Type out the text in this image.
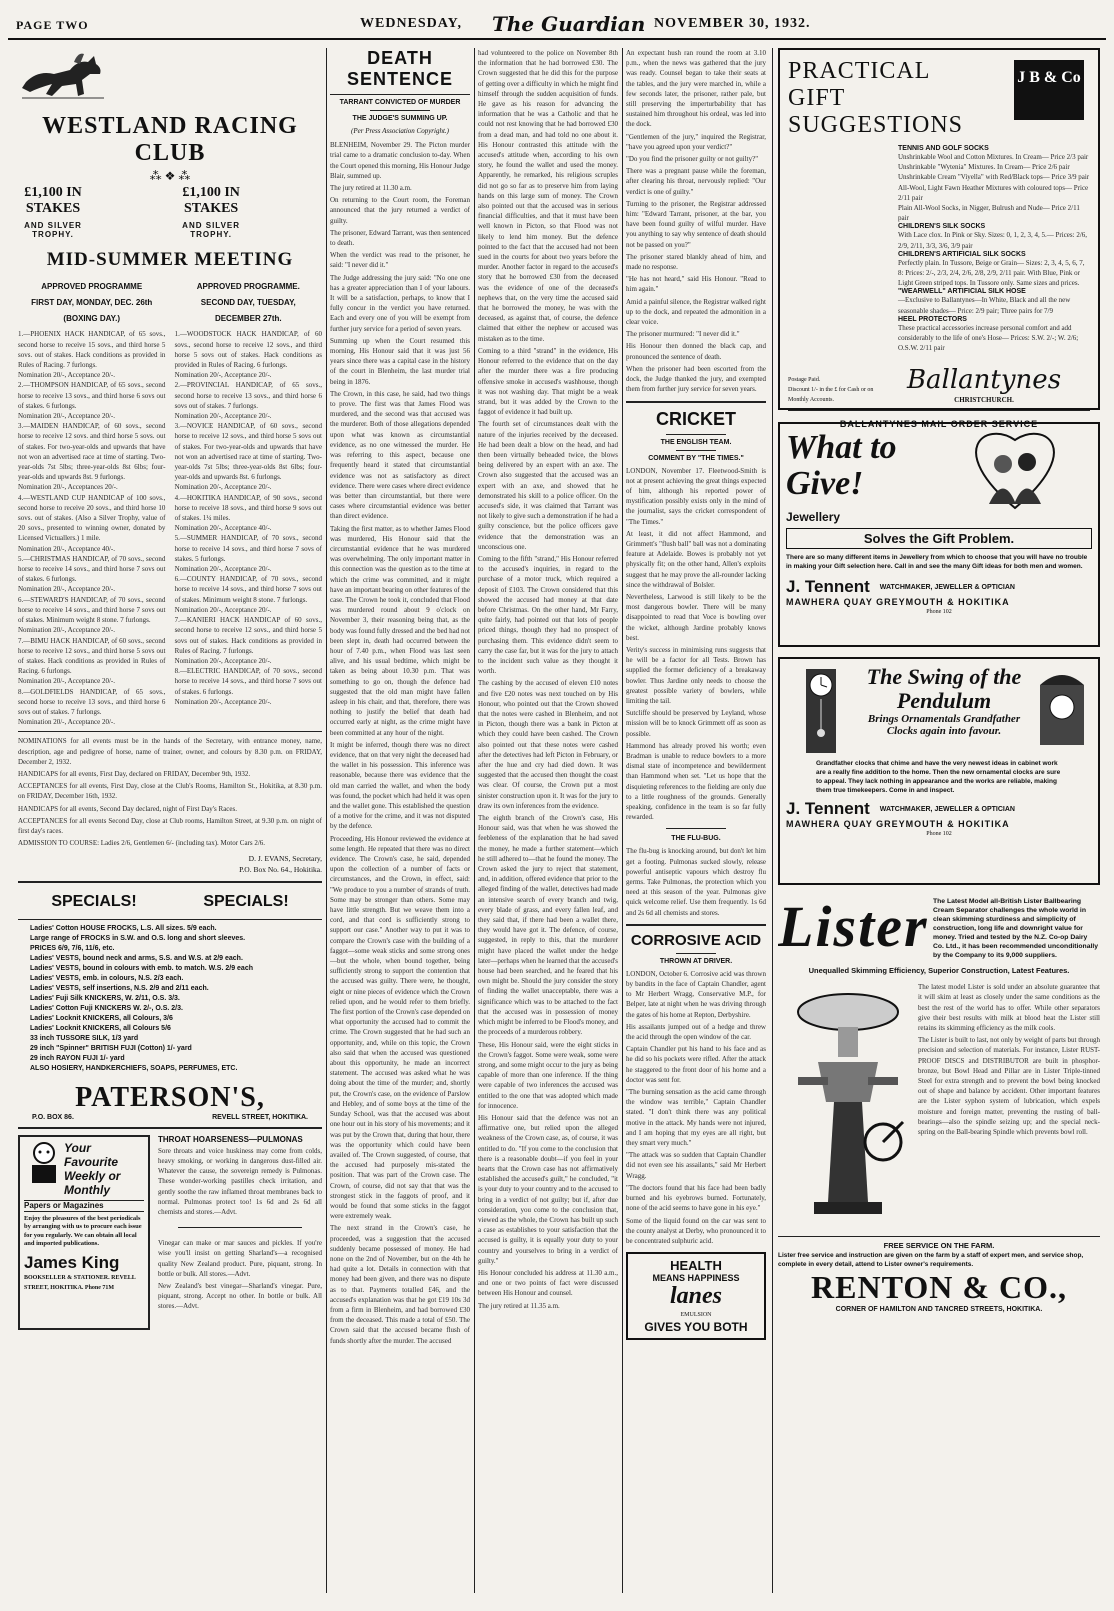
PAGE TWO	WEDNESDAY, The Guardian NOVEMBER 30, 1932.
WESTLAND RACING CLUB
⁂ ❖ ⁂
£1,100 IN STAKES
AND SILVER TROPHY.
£1,100 IN STAKES
AND SILVER TROPHY.
MID-SUMMER MEETING
APPROVED PROGRAMME
FIRST DAY, MONDAY, DEC. 26th
(BOXING DAY.)
1.—PHOENIX HACK HANDICAP, of 65 sovs., second horse to receive 15 sovs., and third horse 5 sovs. out of stakes. Hack conditions as provided in Rules of Racing. 7 furlongs.
Nomination 20/-, Acceptance 20/-.
2.—THOMPSON HANDICAP, of 65 sovs., second horse to receive 13 sovs., and third horse 6 sovs out of stakes. 6 furlongs.
Nomination 20/-, Acceptance 20/-.
3.—MAIDEN HANDICAP, of 60 sovs., second horse to receive 12 sovs. and third horse 5 sovs. out of stakes. For two-year-olds and upwards that have not won an advertised race at time of starting. Two-year-olds 7st 5lbs; three-year-olds 8st 6lbs; four-year-olds and upwards 8st. 9 furlongs.
Nomination 20/-, Acceptances 20/-.
4.—WESTLAND CUP HANDICAP of 100 sovs., second horse to receive 20 sovs., and third horse 10 sovs. out of stakes. (Also a Silver Trophy, value of 20 sovs., presented to winning owner, donated by Licensed Victuallers.) 1 mile.
Nomination 20/-, Acceptance 40/-.
5.—CHRISTMAS HANDICAP, of 70 sovs., second horse to receive 14 sovs., and third horse 7 sovs out of stakes. 6 furlongs.
Nomination 20/-, Acceptance 20/-.
6.—STEWARD'S HANDICAP, of 70 sovs., second horse to receive 14 sovs., and third horse 7 sovs out of stakes. Minimum weight 8 stone. 7 furlongs.
Nomination 20/-, Acceptance 20/-.
7.—BIMU HACK HANDICAP, of 60 sovs., second horse to receive 12 sovs., and third horse 5 sovs out of stakes. Hack conditions as provided in Rules of Racing. 6 furlongs.
Nomination 20/-, Acceptance 20/-.
8.—GOLDFIELDS HANDICAP, of 65 sovs., second horse to receive 13 sovs., and third horse 6 sovs out of stakes. 7 furlongs.
Nomination 20/-, Acceptance 20/-.
APPROVED PROGRAMME.
SECOND DAY, TUESDAY,
DECEMBER 27th.
1.—WOODSTOCK HACK HANDICAP, of 60 sovs., second horse to receive 12 sovs., and third horse 5 sovs out of stakes. Hack conditions as provided in Rules of Racing. 6 furlongs.
Nomination 20/-, Acceptance 20/-.
2.—PROVINCIAL HANDICAP, of 65 sovs., second horse to receive 13 sovs., and third horse 6 sovs out of stakes. 7 furlongs.
Nomination 20/-, Acceptance 20/-.
3.—NOVICE HANDICAP, of 60 sovs., second horse to receive 12 sovs., and third horse 5 sovs out of stakes. For two-year-olds and upwards that have not won an advertised race at time of starting. Two-year-olds 7st 5lbs; three-year-olds 8st 6lbs; four-year-olds and upwards 8st. 6 furlongs.
Nomination 20/-, Acceptance 20/-.
4.—HOKITIKA HANDICAP, of 90 sovs., second horse to receive 18 sovs., and third horse 9 sovs out of stakes. 1¼ miles.
Nomination 20/-, Acceptance 40/-.
5.—SUMMER HANDICAP, of 70 sovs., second horse to receive 14 sovs., and third horse 7 sovs of stakes. 5 furlongs.
Nomination 20/-, Acceptance 20/-.
6.—COUNTY HANDICAP, of 70 sovs., second horse to receive 14 sovs., and third horse 7 sovs out of stakes. Minimum weight 8 stone. 7 furlongs.
Nomination 20/-, Acceptance 20/-.
7.—KANIERI HACK HANDICAP of 60 sovs., second horse to receive 12 sovs., and third horse 5 sovs out of stakes. Hack conditions as provided in Rules of Racing. 7 furlongs.
Nomination 20/-, Acceptance 20/-.
8.—ELECTRIC HANDICAP, of 70 sovs., second horse to receive 14 sovs., and third horse 7 sovs out of stakes. 6 furlongs.
Nomination 20/-, Acceptance 20/-.
NOMINATIONS for all events must be in the hands of the Secretary, with entrance money, name, description, age and pedigree of horse, name of trainer, owner, and colours by 8.30 p.m. on FRIDAY, December 2, 1932.
HANDICAPS for all events, First Day, declared on FRIDAY, December 9th, 1932.
ACCEPTANCES for all events, First Day, close at the Club's Rooms, Hamilton St., Hokitika, at 8.30 p.m. on FRIDAY, December 16th, 1932.
HANDICAPS for all events, Second Day declared, night of First Day's Races.
ACCEPTANCES for all events Second Day, close at Club rooms, Hamilton Street, at 9.30 p.m. on night of first day's races.
ADMISSION TO COURSE: Ladies 2/6, Gentlemen 6/- (including tax). Motor Cars 2/6.
D. J. EVANS, Secretary,
P.O. Box No. 64., Hokitika.
SPECIALS!	SPECIALS!
Ladies' Cotton HOUSE FROCKS, L.S. All sizes. 5/9 each.
Large range of FROCKS in S.W. and O.S. long and short sleeves.
PRICES 6/9, 7/6, 11/6, etc.
Ladies' VESTS, bound neck and arms, S.S. and W.S. at 2/9 each.
Ladies' VESTS, bound in colours with emb. to match. W.S. 2/9 each
Ladies' VESTS, emb. in colours, N.S. 2/3 each.
Ladies' VESTS, self insertions, N.S. 2/9 and 2/11 each.
Ladies' Fuji Silk KNICKERS, W. 2/11, O.S. 3/3.
Ladies' Cotton Fuji KNICKERS W. 2/-, O.S. 2/3.
Ladies' Locknit KNICKERS, all Colours, 3/6
Ladies' Locknit KNICKERS, all Colours 5/6
33 inch TUSSORE SILK, 1/3 yard
29 inch "Spinner" BRITISH FUJI (Cotton) 1/- yard
29 inch RAYON FUJI 1/- yard
ALSO HOSIERY, HANDKERCHIEFS, SOAPS, PERFUMES, ETC.
PATERSON'S,
P.O. BOX 86.	REVELL STREET, HOKITIKA.
Your
Favourite
Weekly or
Monthly
Papers or Magazines
Enjoy the pleasures of the best periodicals by arranging with us to procure each issue for you regularly. We can obtain all local and imported publications.
James King
BOOKSELLER & STATIONER. REVELL STREET, HOKITIKA. Phone 71M
THROAT HOARSENESS—PULMONAS
Sore throats and voice huskiness may come from colds, heavy smoking, or working in dangerous dust-filled air. Whatever the cause, the sovereign remedy is Pulmonas. These wonder-working pastilles check irritation, and gently soothe the raw inflamed throat membranes back to normal. Pulmonas protect too! 1s 6d and 2s 6d all chemists and stores.—Advt.
Vinegar can make or mar sauces and pickles. If you're wise you'll insist on getting Sharland's—a recognised quality New Zealand product. Pure, piquant, strong. In bottle or bulk. All stores.—Advt.
New Zealand's best vinegar—Sharland's vinegar. Pure, piquant, strong. Accept no other. In bottle or bulk. All stores.—Advt.
DEATH SENTENCE
TARRANT CONVICTED OF MURDER
THE JUDGE'S SUMMING UP.
(Per Press Association Copyright.)
BLENHEIM, November 29. The Picton murder trial came to a dramatic conclusion to-day. When the Court opened this morning, His Honour Judge Blair, summed up.
The jury retired at 11.30 a.m.
On returning to the Court room, the Foreman announced that the jury returned a verdict of guilty.
The prisoner, Edward Tarrant, was then sentenced to death.
When the verdict was read to the prisoner, he said: "I never did it."
The Judge addressing the jury said: "No one one has a greater appreciation than I of your labours. It will be a satisfaction, perhaps, to know that I fully concur in the verdict you have returned. Each and every one of you will be exempt from further jury service for a period of seven years.
Summing up when the Court resumed this morning, His Honour said that it was just 56 years since there was a capital case in the history of the court in Blenheim, the last murder trial being in 1876.
The Crown, in this case, he said, had two things to prove. The first was that James Flood was murdered, and the second was that accused was the murderer. Both of those allegations depended upon what was known as circumstantial evidence, as no one witnessed the murder. He was referring to this aspect, because one frequently heard it stated that circumstantial evidence was not as satisfactory as direct evidence. There were cases where direct evidence was better than circumstantial, but there were cases where circumstantial evidence was better than direct evidence.
Taking the first matter, as to whether James Flood was murdered, His Honour said that the circumstantial evidence that he was murdered was overwhelming. The only important matter in this connection was the question as to the time at which the crime was committed, and it might have an important bearing on other features of the case. The Crown he took it, concluded that Flood was murdered round about 9 o'clock on November 3, their reasoning being that, as the body was found fully dressed and the bed had not been slept in, death had occurred between the hour of 7.40 p.m., when Flood was last seen alive, and his usual bedtime, which might be taken as being about 10.30 p.m. That was something to go on, though the defence had suggested that the old man might have fallen asleep in his chair, and that, therefore, there was nothing to justify the belief that death had occurred early at night, as the crime might have been committed at any hour of the night.
It might be inferred, though there was no direct evidence, that on that very night the deceased had the wallet in his possession. This inference was reasonable, because there was evidence that the old man carried the wallet, and when the body was found, the pocket which had held it was open and the wallet gone. This established the question of a motive for the crime, and it was not disputed by the defence.
Proceeding, His Honour reviewed the evidence at some length. He repeated that there was no direct evidence. The Crown's case, he said, depended upon the collection of a number of facts or circumstances, and the Crown, in effect, said: "We produce to you a number of strands of truth. Some may be stronger than others. Some may have little strength. But we weave them into a cord, and that cord is sufficiently strong to support our case." Another way to put it was to compare the Crown's case with the building of a faggot—some weak sticks and some strong ones—but the whole, when bound together, being sufficiently strong to support the contention that the accused was guilty. There were, he thought, eight or nine pieces of evidence which the Crown relied upon, and he would refer to them briefly. The first portion of the Crown's case depended on what opportunity the accused had to commit the crime. The Crown suggested that he had such an opportunity, and, while on this topic, the Crown also said that when the accused was questioned about this opportunity, he made an incorrect statement. The accused was asked what he was doing about the time of the murder; and, shortly put, the Crown's case, on the evidence of Parslow and Hebley, and of some boys at the time of the Sunday School, was that the accused was about one hour out in his story of his movements; and it was put by the Crown that, during that hour, there was the opportunity which could have been availed of. The Crown suggested, of course, that the accused had purposely mis-stated the position. That was part of the Crown case. The Crown, of course, did not say that that was the strongest stick in the faggots of proof, and it would be found that some sticks in the faggot were extremely weak.
The next strand in the Crown's case, he proceeded, was a suggestion that the accused suddenly became possessed of money. He had none on the 2nd of November, but on the 4th he had quite a lot. Details in connection with that money had been given, and there was no dispute as to that. Payments totalled £46, and the accused's explanation was that he got £19 10s 3d from a firm in Blenheim, and had borrowed £30 from the deceased. This made a total of £50. The Crown said that the accused became flush of funds shortly after the murder. The accused
had volunteered to the police on November 8th the information that he had borrowed £30. The Crown suggested that he did this for the purpose of getting over a difficulty in which he might find himself through the sudden acquisition of funds. He gave as his reason for advancing the information that he was a Catholic and that he could not rest knowing that he had borrowed £30 from a dead man, and had told no one about it. His Honour contrasted this attitude with the accused's attitude when, according to his own story, he found the wallet and used the money. Apparently, he remarked, his religious scruples did not go so far as to preserve him from laying hands on this large sum of money. The Crown also pointed out that the accused was in serious financial difficulties, and that it must have been well known in Picton, so that Flood was not likely to lend him money. But the defence pointed to the fact that the accused had not been sued in the courts for about two years before the murder. Another factor in regard to the accused's story that he borrowed £30 from the deceased was the evidence of one of the deceased's nephews that, on the very time the accused said that he borrowed the money, he was with the deceased, as against that, of course, the defence claimed that either the nephew or accused was mistaken as to the time.
Coming to a third "strand" in the evidence, His Honour referred to the evidence that on the day after the murder there was a fire producing offensive smoke in accused's washhouse, though it was not washing day. That might be a weak strand, but it was added by the Crown to the faggot of evidence it had built up.
The fourth set of circumstances dealt with the nature of the injuries received by the deceased. He had been dealt a blow on the head, and had then been virtually beheaded twice, the blows being delivered by an expert with an axe. The Crown also suggested that the accused was an expert with an axe, and showed that he demonstrated his skill to a police officer. On the accused's side, it was claimed that Tarrant was not likely to give such a demonstration if he had a guilty conscience, but the police officers gave evidence that the demonstration was an unconscious one.
Coming to the fifth "strand," His Honour referred to the accused's inquiries, in regard to the purchase of a motor truck, which required a deposit of £103. The Crown considered that this showed the accused had money at that date before Christmas. On the other hand, Mr Farry, quite fairly, had pointed out that lots of people priced things, though they had no prospect of purchasing them. This evidence didn't seem to carry the case far, but it was for the jury to attach to the incident such value as they thought it worth.
The cashing by the accused of eleven £10 notes and five £20 notes was next touched on by His Honour, who pointed out that the Crown showed that the notes were cashed in Blenheim, and not in Picton, though there was a bank in Picton at which they could have been cashed. The Crown also pointed out that these notes were cashed after the detectives had left Picton in February, or after the hue and cry had died down. It was suggested that the accused then thought the coast was clear. Of course, the Crown put a most sinister construction upon it. It was for the jury to draw its own inferences from the evidence.
The eighth branch of the Crown's case, His Honour said, was that when he was showed the feebleness of the explanation that he had saved the money, he made a further statement—which he still adhered to—that he found the money. The Crown asked the jury to reject that statement, and, in addition, offered evidence that prior to the alleged finding of the wallet, detectives had made an intensive search of every branch and twig, every blade of grass, and every fallen leaf, and they said that, if there had been a wallet there, they would have got it. The defence, of course, suggested, in reply to this, that the murderer might have placed the wallet under the hedge later—perhaps when he learned that the accused's house had been searched, and he feared that his own might be. Should the jury consider the story of finding the wallet unacceptable, there was a significance which was to be attached to the fact that the accused was in possession of money which might be inferred to be Flood's money, and the proceeds of a murderous robbery.
These, His Honour said, were the eight sticks in the Crown's faggot. Some were weak, some were strong, and some might occur to the jury as being capable of more than one inference. If the thing were capable of two inferences the accused was entitled to the one that was adopted which made for innocence.
His Honour said that the defence was not an affirmative one, but relied upon the alleged weakness of the Crown case, as, of course, it was entitled to do. "If you come to the conclusion that there is a reasonable doubt—if you feel in your hearts that the Crown case has not affirmatively established the accused's guilt," he concluded, "it is your duty to your country and to the accused to bring in a verdict of not guilty; but if, after due consideration, you come to the conclusion that, viewed as the whole, the Crown has built up such a case as establishes to your satisfaction that the accused is guilty, it is equally your duty to your country and yourselves to bring in a verdict of guilty."
His Honour concluded his address at 11.30 a.m., and one or two points of fact were discussed between His Honour and counsel.
The jury retired at 11.35 a.m.
An expectant hush ran round the room at 3.10 p.m., when the news was gathered that the jury was ready. Counsel began to take their seats at the tables, and the jury were marched in, while a few seconds later, the prisoner, rather pale, but still preserving the imperturbability that has sustained him throughout his ordeal, was led into the dock.
"Gentlemen of the jury," inquired the Registrar, "have you agreed upon your verdict?"
"Do you find the prisoner guilty or not guilty?"
There was a pregnant pause while the foreman, after clearing his throat, nervously replied: "Our verdict is one of guilty."
Turning to the prisoner, the Registrar addressed him: "Edward Tarrant, prisoner, at the bar, you have been found guilty of wilful murder. Have you anything to say why sentence of death should not be passed on you?"
The prisoner stared blankly ahead of him, and made no response.
"He has not heard," said His Honour. "Read to him again."
Amid a painful silence, the Registrar walked right up to the dock, and repeated the admonition in a clear voice.
The prisoner murmured: "I never did it."
His Honour then donned the black cap, and pronounced the sentence of death.
When the prisoner had been escorted from the dock, the Judge thanked the jury, and exempted them from further jury service for seven years.
CRICKET
THE ENGLISH TEAM.
COMMENT BY "THE TIMES."
LONDON, November 17. Fleetwood-Smith is not at present achieving the great things expected of him, although his reported power of mystification possibly exists only in the mind of the journalist, says the cricket correspondent of "The Times."
At least, it did not affect Hammond, and Grimmett's "flush ball" ball was not a dominating feature at Adelaide. Bowes is probably not yet physically fit; on the other hand, Allen's exploits suggest that he may prove the all-rounder lacking since the withdrawal of Bolsler.
Nevertheless, Larwood is still likely to be the most dangerous bowler. There will be many disappointed to read that Voce is bowling over the wicket, although Jardine probably knows best.
Verity's success in minimising runs suggests that he will be a factor for all Tests. Brown has supplied the former deficiency of a breakaway bowler. Thus Jardine only needs to choose the greatest possible variety of bowlers, while limiting the tail.
Sutcliffe should be preserved by Leyland, whose mission will be to knock Grimmett off as soon as possible.
Hammond has already proved his worth; even Bradman is unable to reduce bowlers to a more dismal state of incompetence and bewilderment than Hammond when set. "Let us hope that the disquieting references to the fielding are only due to a little roughness of the grounds. Generally speaking, confidence in the team is so far fully rewarded.
THE FLU-BUG.
The flu-bug is knocking around, but don't let him get a footing. Pulmonas sucked slowly, release powerful antiseptic vapours which destroy flu germs. Take Pulmonas, the protection which you need at this season of the year. Pulmonas give quick welcome relief. Use them frequently. 1s 6d and 2s 6d all chemists and stores.
CORROSIVE ACID
THROWN AT DRIVER.
LONDON, October 6. Corrosive acid was thrown by bandits in the face of Captain Chandler, agent to Mr Herbert Wragg, Conservative M.P., for Belper, late at night when he was driving through the gates of his home at Repton, Derbyshire.
His assailants jumped out of a hedge and threw the acid through the open window of the car.
Captain Chandler put his hand to his face and as he did so his pockets were rifled. After the attack he staggered to the front door of his home and a doctor was sent for.
"The burning sensation as the acid came through the window was terrible," Captain Chandler stated. "I don't think there was any political motive in the attack. My hands were not injured, and I am hoping that my eyes are all right, but they smart very much."
"The attack was so sudden that Captain Chandler did not even see his assailants," said Mr Herbert Wragg.
"The doctors found that his face had been badly burned and his eyebrows burned. Fortunately, none of the acid seems to have gone in his eye."
Some of the liquid found on the car was sent to the county analyst at Derby, who pronounced it to be concentrated sulphuric acid.
HEALTH
MEANS HAPPINESS
lanes
EMULSION
GIVES YOU BOTH
PRACTICAL
GIFT
SUGGESTIONS
J B & Co
TENNIS AND GOLF SOCKS
Unshrinkable Wool and Cotton Mixtures. In Cream— Price 2/3 pair
Unshrinkable "Wytenia" Mixtures. In Cream— Price 2/6 pair
Unshrinkable Cream "Viyella" with Red/Black tops— Price 3/9 pair
All-Wool, Light Fawn Heather Mixtures with coloured tops— Price 2/11 pair
Plain All-Wool Socks, in Nigger, Bulrush and Nude— Price 2/11 pair
CHILDREN'S SILK SOCKS
With Lace clox. In Pink or Sky. Sizes: 0, 1, 2, 3, 4, 5.— Prices: 2/6, 2/9, 2/11, 3/3, 3/6, 3/9 pair
CHILDREN'S ARTIFICIAL SILK SOCKS
Perfectly plain. In Tussore, Beige or Grain— Sizes: 2, 3, 4, 5, 6, 7, 8: Prices: 2/-, 2/3, 2/4, 2/6, 2/8, 2/9, 2/11 pair. With Blue, Pink or Light Green striped tops. In Tussore only. Same sizes and prices.
"WEARWELL" ARTIFICIAL SILK HOSE
—Exclusive to Ballantynes—In White, Black and all the new seasonable shades— Price: 2/9 pair; Three pairs for 7/9
HEEL PROTECTORS
These practical accessories increase personal comfort and add considerably to the life of one's Hose— Prices: S.W. 2/-; W. 2/6; O.S.W. 2/11 pair
Postage Paid.
Discount 1/- in the £ for Cash or on Monthly Accounts.
Ballantynes
CHRISTCHURCH.
BALLANTYNES MAIL ORDER SERVICE
What to
Give!
Jewellery
Solves the Gift Problem.
There are so many different items in Jewellery from which to choose that you will have no trouble in making your Gift selection here. Call in and see the many Gift ideas for both men and women.
J. Tennent WATCHMAKER, JEWELLER & OPTICIAN
MAWHERA QUAY GREYMOUTH & HOKITIKA
Phone 102
The Swing of the Pendulum
Brings Ornamentals Grandfather Clocks again into favour.
Grandfather clocks that chime and have the very newest ideas in cabinet work are a really fine addition to the home. Then the new ornamental clocks are sure to appeal. They lack nothing in appearance and the works are reliable, making them true timekeepers. Come in and inspect.
J. Tennent WATCHMAKER, JEWELLER & OPTICIAN
MAWHERA QUAY GREYMOUTH & HOKITIKA
Phone 102
Lister The Latest Model all-British Lister Ballbearing Cream Separator challenges the whole world in clean skimming sturdiness and simplicity of construction, long life and downright value for money. Tried and tested by the N.Z. Co-op Dairy Co. Ltd., it has been recommended unconditionally by the Company to its 9,000 suppliers.
Unequalled Skimming Efficiency, Superior Construction, Latest Features.
The latest model Lister is sold under an absolute guarantee that it will skim at least as closely under the same conditions as the best the rest of the world has to offer. While other separators give their best results with milk at blood heat the Lister still retains its skimming efficiency as the milk cools.
The Lister is built to last, not only by weight of parts but through precision and selection of materials. For instance, Lister RUST-PROOF DISCS and DISTRIBUTOR are built in phosphor-bronze, but Bowl Head and Pillar are in Lister Triple-tinned Steel for extra strength and to prevent the bowl being knocked out of shape and balance by accident. Other important features are the Lister syphon system of lubrication, which expels moisture and foreign matter, preventing the rusting of ball-bearings—also the spindle seizing up; and the special neck-spring on the Ball-bearing Spindle which prevents bowl roll.
FREE SERVICE ON THE FARM.
Lister free service and instruction are given on the farm by a staff of expert men, and service shop, complete in every detail, attend to Lister owner's requirements.
RENTON & CO.,
CORNER OF HAMILTON AND TANCRED STREETS, HOKITIKA.
